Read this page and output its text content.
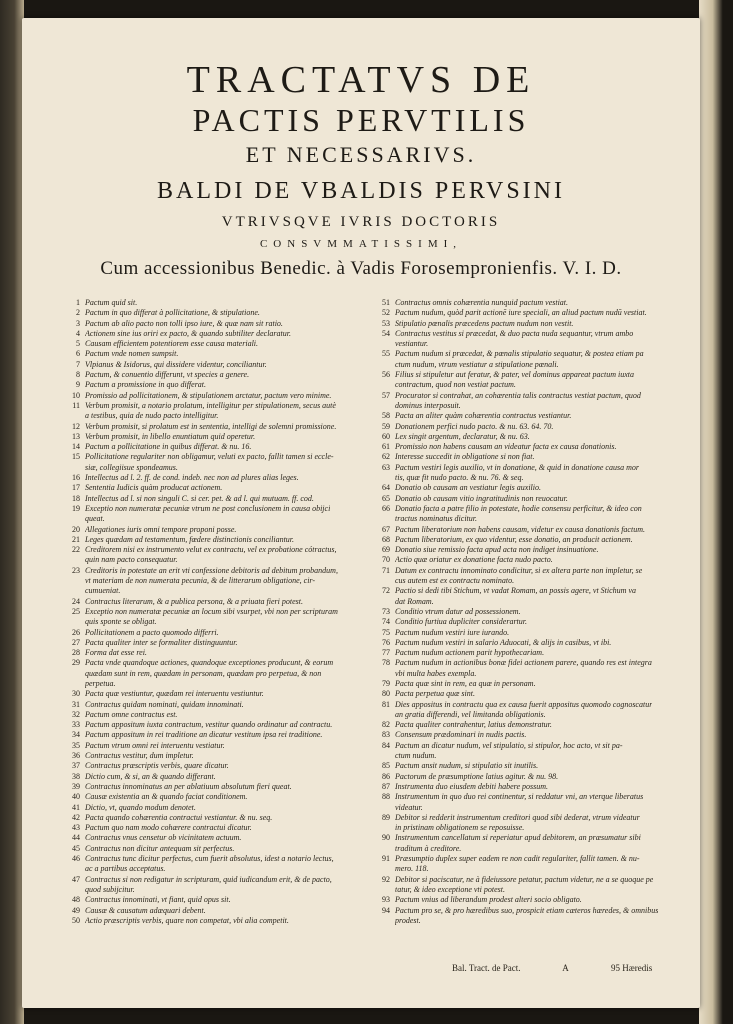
TRACTATVS DE
PACTIS PERVTILIS
ET NECESSARIVS.
BALDI DE VBALDIS PERVSINI
VTRIVSQVE IVRIS DOCTORIS
CONSVMMATISSIMI,
Cum accessionibus Benedic. à Vadis Forosempronienfis. V. I. D.
1 Pactum quid sit.
2 Pactum in quo differat à pollicitatione, & stipulatione.
3 Pactum ab alio pacto non tolli ipso iure, & quæ nam sit ratio.
4 Actionem sine ius oriri ex pacto, & quando subtiliter declaratur.
5 Causam efficientem potentiorem esse causa materiali.
6 Pactum vnde nomen sumpsit.
7 Vlpianus & Isidorus, qui dissidere videntur, conciliantur.
8 Pactum, & conuentio differunt, vt species a genere.
9 Pactum a promissione in quo differat.
10 Promissio ad pollicitationem, & stipulationem arctatur, pactum vero minime.
11 Verbum promisit, a notario prolatum, intelligitur per stipulationem, secus autè
a testibus, quia de nudo pacto intelligitur.
12 Verbum promisit, si prolatum est in sententia, intelligi de solemni promissione.
13 Verbum promisit, in libello enuntiatum quid operetur.
14 Pactum a pollicitatione in quibus differat. & nu. 16.
15 Pollicitatione regulariter non obligamur, veluti ex pacto, fallit tamen si eccle-
siæ, collegiisue spondeamus.
16 Intellectus ad l. 2. ff. de cond. indeb. nec non ad plures alias leges.
17 Sententia Iudicis quàm producat actionem.
18 Intellectus ad l. si non singuli C. si cer. pet. & ad l. qui mutuam. ff. cod.
19 Exceptio non numeratæ pecuniæ vtrum ne post conclusionem in causa obijci
queat.
20 Allegationes iuris omni tempore proponi posse.
21 Leges quædam ad testamentum, fœdere distinctionis conciliantur.
22 Creditorem nisi ex instrumento velut ex contractu, vel ex probatione cótractus,
quin nam pacto consequatur.
23 Creditoris in potestate an erit vti confessione debitoris ad debitum probandum,
vt materiam de non numerata pecunia, & de litterarum obligatione, cir-
cumueniat.
24 Contractus literarum, & a publica persona, & a priuata fieri potest.
25 Exceptio non numeratæ pecuniæ an locum sibi vsurpet, vbi non per scripturam
quis sponte se obligat.
26 Pollicitationem a pacto quomodo differri.
27 Pacta qualiter inter se formaliter distinguuntur.
28 Forma dat esse rei.
29 Pacta vnde quandoque actiones, quandoque exceptiones producunt, & eorum
quædam sunt in rem, quædam in personam, quædam pro perpetua, & non
perpetua.
30 Pacta quæ vestiuntur, quædam rei interuentu vestiuntur.
31 Contractus quidam nominati, quidam innominati.
32 Pactum omne contractus est.
33 Pactum appositum iuxta contractum, vestitur quando ordinatur ad contractu.
34 Pactum appositum in rei traditione an dicatur vestitum ipsa rei traditione.
35 Pactum vtrum omni rei interuentu vestiatur.
36 Contractus vestitur, dum impletur.
37 Contractus præscriptis verbis, quare dicatur.
38 Dictio cum, & si, an & quando differant.
39 Contractus innominatus an per ablatiuum absolutum fieri queat.
40 Causæ existentia an & quando faciat conditionem.
41 Dictio, vt, quando modum denotet.
42 Pacta quando cohærentia contractui vestiantur. & nu. seq.
43 Pactum quo nam modo cohærere contractui dicatur.
44 Contractus vnus censetur ob vicinitatem actuum.
45 Contractus non dicitur antequam sit perfectus.
46 Contractus tunc dicitur perfectus, cum fuerit absolutus, idest a notario lectus,
ac a partibus acceptatus.
47 Contractus si non redigatur in scripturam, quid iudicandum erit, & de pacto,
quod subijcitur.
48 Contractus innominati, vt fiant, quid opus sit.
49 Causæ & causatum adæquari debent.
50 Actio præscriptis verbis, quare non competat, vbi alia competit.
51 Contractus omnis cohærentia nunquid pactum vestiat.
52 Pactum nudum, quòd parit actionē iure speciali, an aliud pactum nudū vestiat.
53 Stipulatio pœnalis præcedens pactum nudum non vestit.
54 Contractus vestitus si præcedat, & duo pacta nuda sequantur, vtrum ambo
vestiantur.
55 Pactum nudum si præcedat, & pœnalis stipulatio sequatur, & postea etiam pa
ctum nudum, vtrum vestiatur a stipulatione pœnali.
56 Filius si stipuletur aut feratur, & pater, vel dominus appareat pactum iuxta
contractum, quod non vestiat pactum.
57 Procurator si contrahat, an cohærentia talis contractus vestiat pactum, quod
dominus interposuit.
58 Pacta an aliter quàm cohærentia contractus vestiantur.
59 Donationem perfici nudo pacto. & nu. 63. 64. 70.
60 Lex singit argentum, declaratur, & nu. 63.
61 Promissio non habens causam an videatur facta ex causa donationis.
62 Interesse succedit in obligatione si non fiat.
63 Pactum vestiri legis auxilio, vt in donatione, & quid in donatione causa mor
tis, quæ fit nudo pacto. & nu. 76. & seq.
64 Donatio ob causam an vestiatur legis auxilio.
65 Donatio ob causam vitio ingratitudinis non reuocatur.
66 Donatio facta a patre filio in potestate, hodie consensu perficitur, & ideo con
tractus nominatus dicitur.
67 Pactum liberatorium non habens causam, videtur ex causa donationis factum.
68 Pactum liberatorium, ex quo videntur, esse donatio, an producit actionem.
69 Donatio siue remissio facta apud acta non indiget insinuatione.
70 Actio quæ oriatur ex donatione facta nudo pacto.
71 Datum ex contractu innominato condicitur, si ex altera parte non impletur, se
cus autem est ex contractu nominato.
72 Pactio si dedi tibi Stichum, vt vadat Romam, an possis agere, vt Stichum va
dat Romam.
73 Conditio vtrum datur ad possessionem.
74 Conditio furtiua dupliciter considerartur.
75 Pactum nudum vestiri iure iurando.
76 Pactum nudum vestiri in salario Aduocati, & alijs in casibus, vt ibi.
77 Pactum nudum actionem parit hypothecariam.
78 Pactum nudum in actionibus bonæ fidei actionem parere, quando res est integra
vbi multa habes exempla.
79 Pacta quæ sint in rem, ea quæ in personam.
80 Pacta perpetua quæ sint.
81 Dies appositus in contractu qua ex causa fuerit appositus quomodo cognoscatur
an gratia differendi, vel limitanda obligationis.
82 Pacta qualiter contrahentur, latius demonstratur.
83 Consensum prædominari in nudis pactis.
84 Pactum an dicatur nudum, vel stipulatio, si stipulor, hoc acto, vt sit pa-
ctum nudum.
85 Pactum ansit nudum, si stipulatio sit inutilis.
86 Pactorum de præsumptione latius agitur. & nu. 98.
87 Instrumenta duo eiusdem debiti habere possum.
88 Instrumentum in quo duo rei continentur, si reddatur vni, an vterque liberatus
videatur.
89 Debitor si redderit instrumentum creditori quod sibi dederat, vtrum videatur
in pristinam obligationem se reposuisse.
90 Instrumentum cancellatum si reperiatur apud debitorem, an præsumatur sibi
traditum à creditore.
91 Præsumptio duplex super eadem re non cadit regulariter, fallit tamen. & nu-
mero. 118.
92 Debitor si paciscatur, ne à fideiussore petatur, pactum videtur, ne a se quoque pe
tatur, & ideo exceptione vti potest.
93 Pactum vnius ad liberandum prodest alteri socio obligato.
94 Pactum pro se, & pro hæredibus suo, prospicit etiam cæteros hæredes, & omnibus
prodest.
Bal. Tract. de Pact.	A	95 Hæredis
